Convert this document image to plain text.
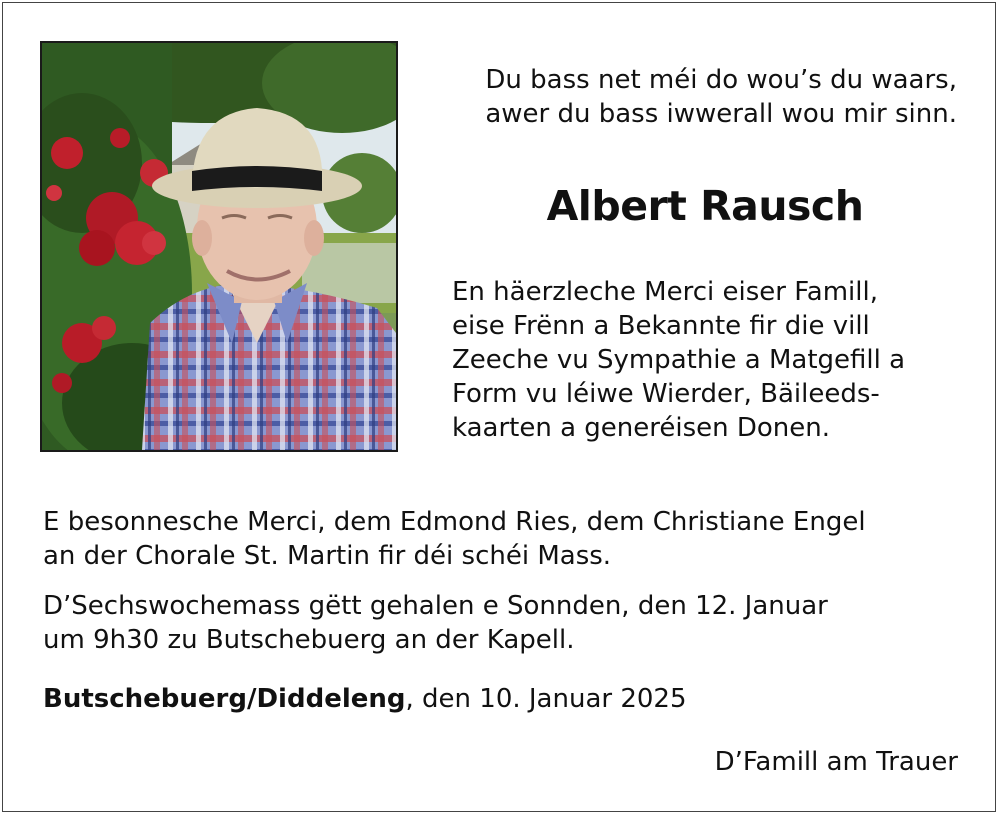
Du bass net méi do wou’s du waars,
awer du bass iwwerall wou mir sinn.
Albert Rausch
En häerzleche Merci eiser Famill,
eise Frënn a Bekannte fir die vill
Zeeche vu Sympathie a Matgefill a
Form vu léiwe Wierder, Bäileeds-
kaarten a generéisen Donen.
E besonnesche Merci, dem Edmond Ries, dem Christiane Engel
an der Chorale St. Martin fir déi schéi Mass.
D’Sechswochemass gëtt gehalen e Sonnden, den 12. Januar
um 9h30 zu Butschebuerg an der Kapell.
Butschebuerg/Diddeleng, den 10. Januar 2025
D’Famill am Trauer
